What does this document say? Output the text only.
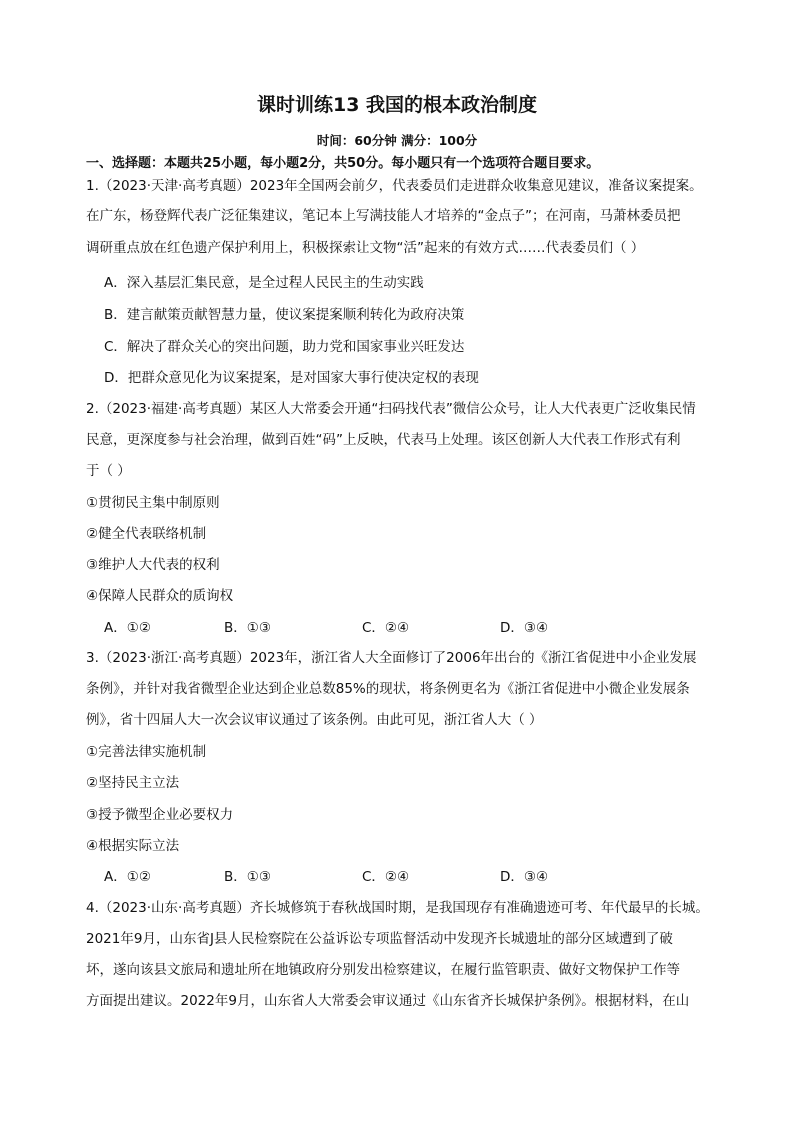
课时训练13 我国的根本政治制度
时间：60分钟 满分：100分
一、选择题：本题共25小题，每小题2分，共50分。每小题只有一个选项符合题目要求。
1.（2023·天津·高考真题）2023年全国两会前夕，代表委员们走进群众收集意见建议，准备议案提案。
在广东，杨登辉代表广泛征集建议，笔记本上写满技能人才培养的“金点子”；在河南，马萧林委员把
调研重点放在红色遗产保护利用上，积极探索让文物“活”起来的有效方式……代表委员们（ ）
A．深入基层汇集民意，是全过程人民民主的生动实践
B．建言献策贡献智慧力量，使议案提案顺利转化为政府决策
C．解决了群众关心的突出问题，助力党和国家事业兴旺发达
D．把群众意见化为议案提案，是对国家大事行使决定权的表现
2.（2023·福建·高考真题）某区人大常委会开通“扫码找代表”微信公众号，让人大代表更广泛收集民情
民意，更深度参与社会治理，做到百姓“码”上反映，代表马上处理。该区创新人大代表工作形式有利
于（ ）
①贯彻民主集中制原则
②健全代表联络机制
③维护人大代表的权利
④保障人民群众的质询权
A．①②	B．①③	C．②④	D．③④
3.（2023·浙江·高考真题）2023年，浙江省人大全面修订了2006年出台的《浙江省促进中小企业发展
条例》，并针对我省微型企业达到企业总数85%的现状，将条例更名为《浙江省促进中小微企业发展条
例》，省十四届人大一次会议审议通过了该条例。由此可见，浙江省人大（ ）
①完善法律实施机制
②坚持民主立法
③授予微型企业必要权力
④根据实际立法
A．①②	B．①③	C．②④	D．③④
4.（2023·山东·高考真题）齐长城修筑于春秋战国时期，是我国现存有准确遗迹可考、年代最早的长城。
2021年9月，山东省J县人民检察院在公益诉讼专项监督活动中发现齐长城遗址的部分区域遭到了破
坏，遂向该县文旅局和遗址所在地镇政府分别发出检察建议，在履行监管职责、做好文物保护工作等
方面提出建议。2022年9月，山东省人大常委会审议通过《山东省齐长城保护条例》。根据材料，在山
